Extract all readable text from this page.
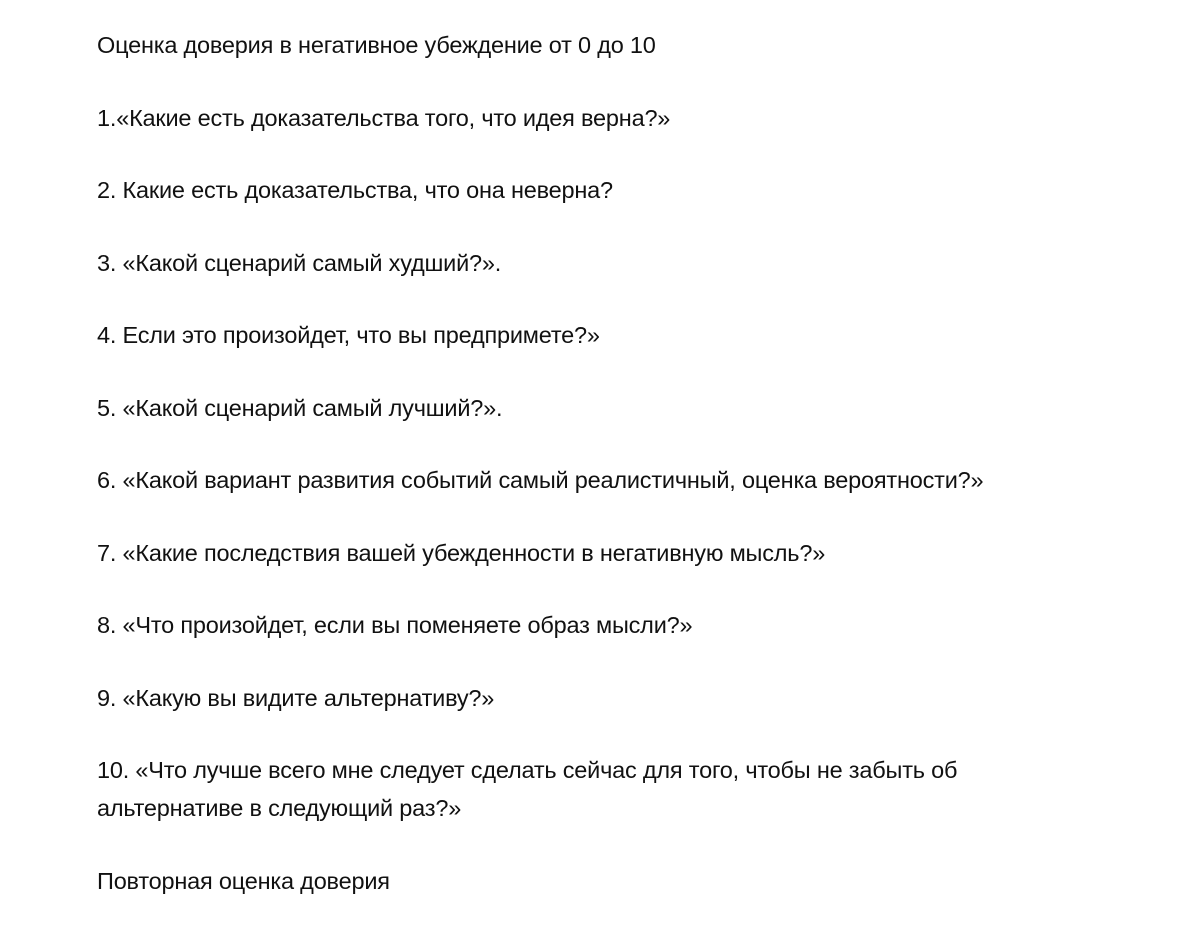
Оценка доверия в негативное убеждение от 0 до 10

1.«Какие есть доказательства того, что идея верна?»

2. Какие есть доказательства, что она неверна?

3. «Какой сценарий самый худший?».

4. Если это произойдет, что вы предпримете?»

5. «Какой сценарий самый лучший?».

6. «Какой вариант развития событий самый реалистичный, оценка вероятности?»

7. «Какие последствия вашей убежденности в негативную мысль?»

8. «Что произойдет, если вы поменяете образ мысли?»

9. «Какую вы видите альтернативу?»

10. «Что лучше всего мне следует сделать сейчас для того, чтобы не забыть об альтернативе в следующий раз?»

Повторная оценка доверия
